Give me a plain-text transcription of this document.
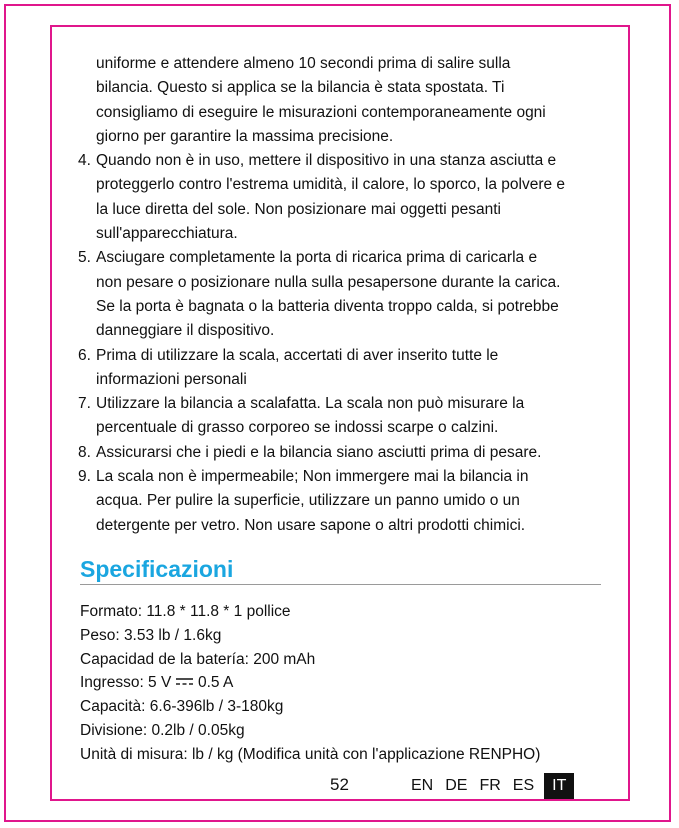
uniforme e attendere almeno 10 secondi prima di salire sulla
bilancia. Questo si applica se la bilancia è stata spostata. Ti
consigliamo di eseguire le misurazioni contemporaneamente ogni
giorno per garantire la massima precisione.
4. Quando non è in uso, mettere il dispositivo in una stanza asciutta e
proteggerlo contro l'estrema umidità, il calore, lo sporco, la polvere e
la luce diretta del sole. Non posizionare mai oggetti pesanti
sull'apparecchiatura.
5. Asciugare completamente la porta di ricarica prima di caricarla e
non pesare o posizionare nulla sulla pesapersone durante la carica.
Se la porta è bagnata o la batteria diventa troppo calda, si potrebbe
danneggiare il dispositivo.
6. Prima di utilizzare la scala, accertati di aver inserito tutte le
informazioni personali
7. Utilizzare la bilancia a scalafatta. La scala non può misurare la
percentuale di grasso corporeo se indossi scarpe o calzini.
8. Assicurarsi che i piedi e la bilancia siano asciutti prima di pesare.
9. La scala non è impermeabile; Non immergere mai la bilancia in
acqua. Per pulire la superficie, utilizzare un panno umido o un
detergente per vetro. Non usare sapone o altri prodotti chimici.
Specificazioni
Formato: 11.8 * 11.8 * 1 pollice
Peso: 3.53 lb / 1.6kg
Capacidad de la batería: 200 mAh
Ingresso: 5 V 0.5 A
Capacità: 6.6-396lb / 3-180kg
Divisione: 0.2lb / 0.05kg
Unità di misura: lb / kg (Modifica unità con l'applicazione RENPHO)
52	EN DE FR ES	IT
